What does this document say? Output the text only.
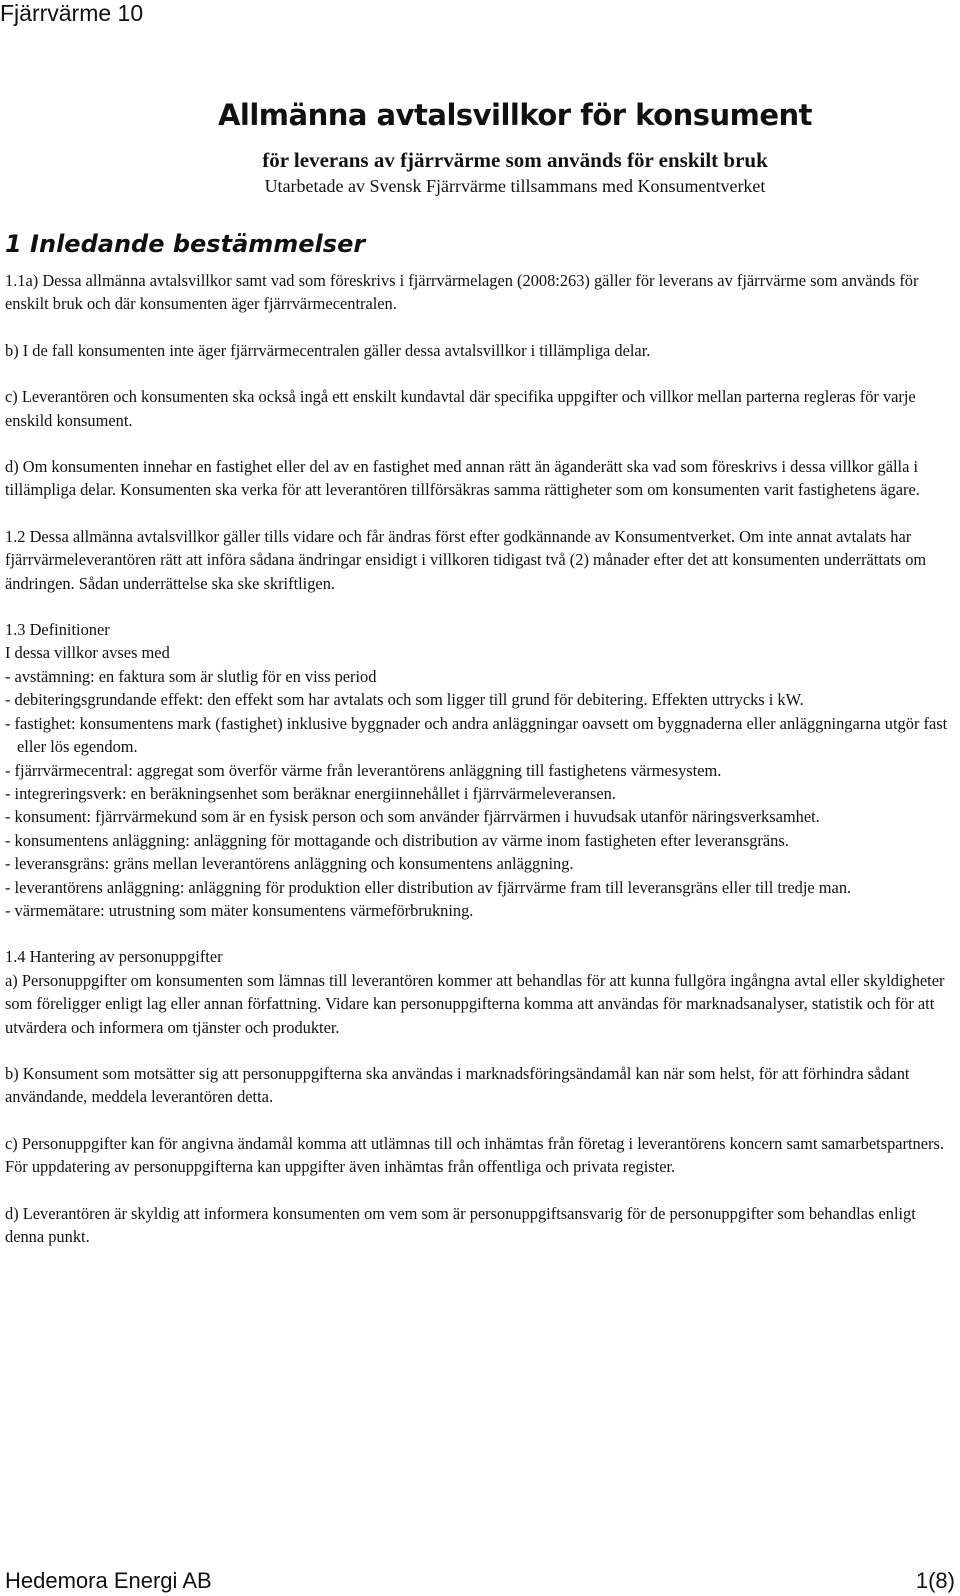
Fjärrvärme 10
Allmänna avtalsvillkor för konsument
för leverans av fjärrvärme som används för enskilt bruk
Utarbetade av Svensk Fjärrvärme tillsammans med Konsumentverket
1 Inledande bestämmelser

1.1a) Dessa allmänna avtalsvillkor samt vad som föreskrivs i fjärrvärmelagen (2008:263) gäller för leverans av fjärrvärme som används för enskilt bruk och där konsumenten äger fjärrvärmecentralen.

b) I de fall konsumenten inte äger fjärrvärmecentralen gäller dessa avtalsvillkor i tillämpliga delar.

c) Leverantören och konsumenten ska också ingå ett enskilt kundavtal där specifika uppgifter och villkor mellan parterna regleras för varje enskild konsument.

d) Om konsumenten innehar en fastighet eller del av en fastighet med annan rätt än äganderätt ska vad som föreskrivs i dessa villkor gälla i tillämpliga delar. Konsumenten ska verka för att leverantören tillförsäkras samma rättigheter som om konsumenten varit fastighetens ägare.

1.2 Dessa allmänna avtalsvillkor gäller tills vidare och får ändras först efter godkännande av Konsumentverket. Om inte annat avtalats har fjärrvärmeleverantören rätt att införa sådana ändringar ensidigt i villkoren tidigast två (2) månader efter det att konsumenten underrättats om ändringen. Sådan underrättelse ska ske skriftligen.

1.3 Definitioner
I dessa villkor avses med
- avstämning: en faktura som är slutlig för en viss period
- debiteringsgrundande effekt: den effekt som har avtalats och som ligger till grund för debitering. Effekten uttrycks i kW.
- fastighet: konsumentens mark (fastighet) inklusive byggnader och andra anläggningar oavsett om byggnaderna eller anläggningarna utgör fast eller lös egendom.
- fjärrvärmecentral: aggregat som överför värme från leverantörens anläggning till fastighetens värmesystem.
- integreringsverk: en beräkningsenhet som beräknar energiinnehållet i fjärrvärmeleveransen.
- konsument: fjärrvärmekund som är en fysisk person och som använder fjärrvärmen i huvudsak utanför näringsverksamhet.
- konsumentens anläggning: anläggning för mottagande och distribution av värme inom fastigheten efter leveransgräns.
- leveransgräns: gräns mellan leverantörens anläggning och konsumentens anläggning.
- leverantörens anläggning: anläggning för produktion eller distribution av fjärrvärme fram till leveransgräns eller till tredje man.
- värmemätare: utrustning som mäter konsumentens värmeförbrukning.
1.4 Hantering av personuppgifter

a) Personuppgifter om konsumenten som lämnas till leverantören kommer att behandlas för att kunna fullgöra ingångna avtal eller skyldigheter som föreligger enligt lag eller annan författning. Vidare kan personuppgifterna komma att användas för marknadsanalyser, statistik och för att utvärdera och informera om tjänster och produkter.

b) Konsument som motsätter sig att personuppgifterna ska användas i marknadsföringsändamål kan när som helst, för att förhindra sådant användande, meddela leverantören detta.

c) Personuppgifter kan för angivna ändamål komma att utlämnas till och inhämtas från företag i leverantörens koncern samt samarbetspartners. För uppdatering av personuppgifterna kan uppgifter även inhämtas från offentliga och privata register.

d) Leverantören är skyldig att informera konsumenten om vem som är personuppgiftsansvarig för de personuppgifter som behandlas enligt denna punkt.

Hedemora Energi AB	1(8)
